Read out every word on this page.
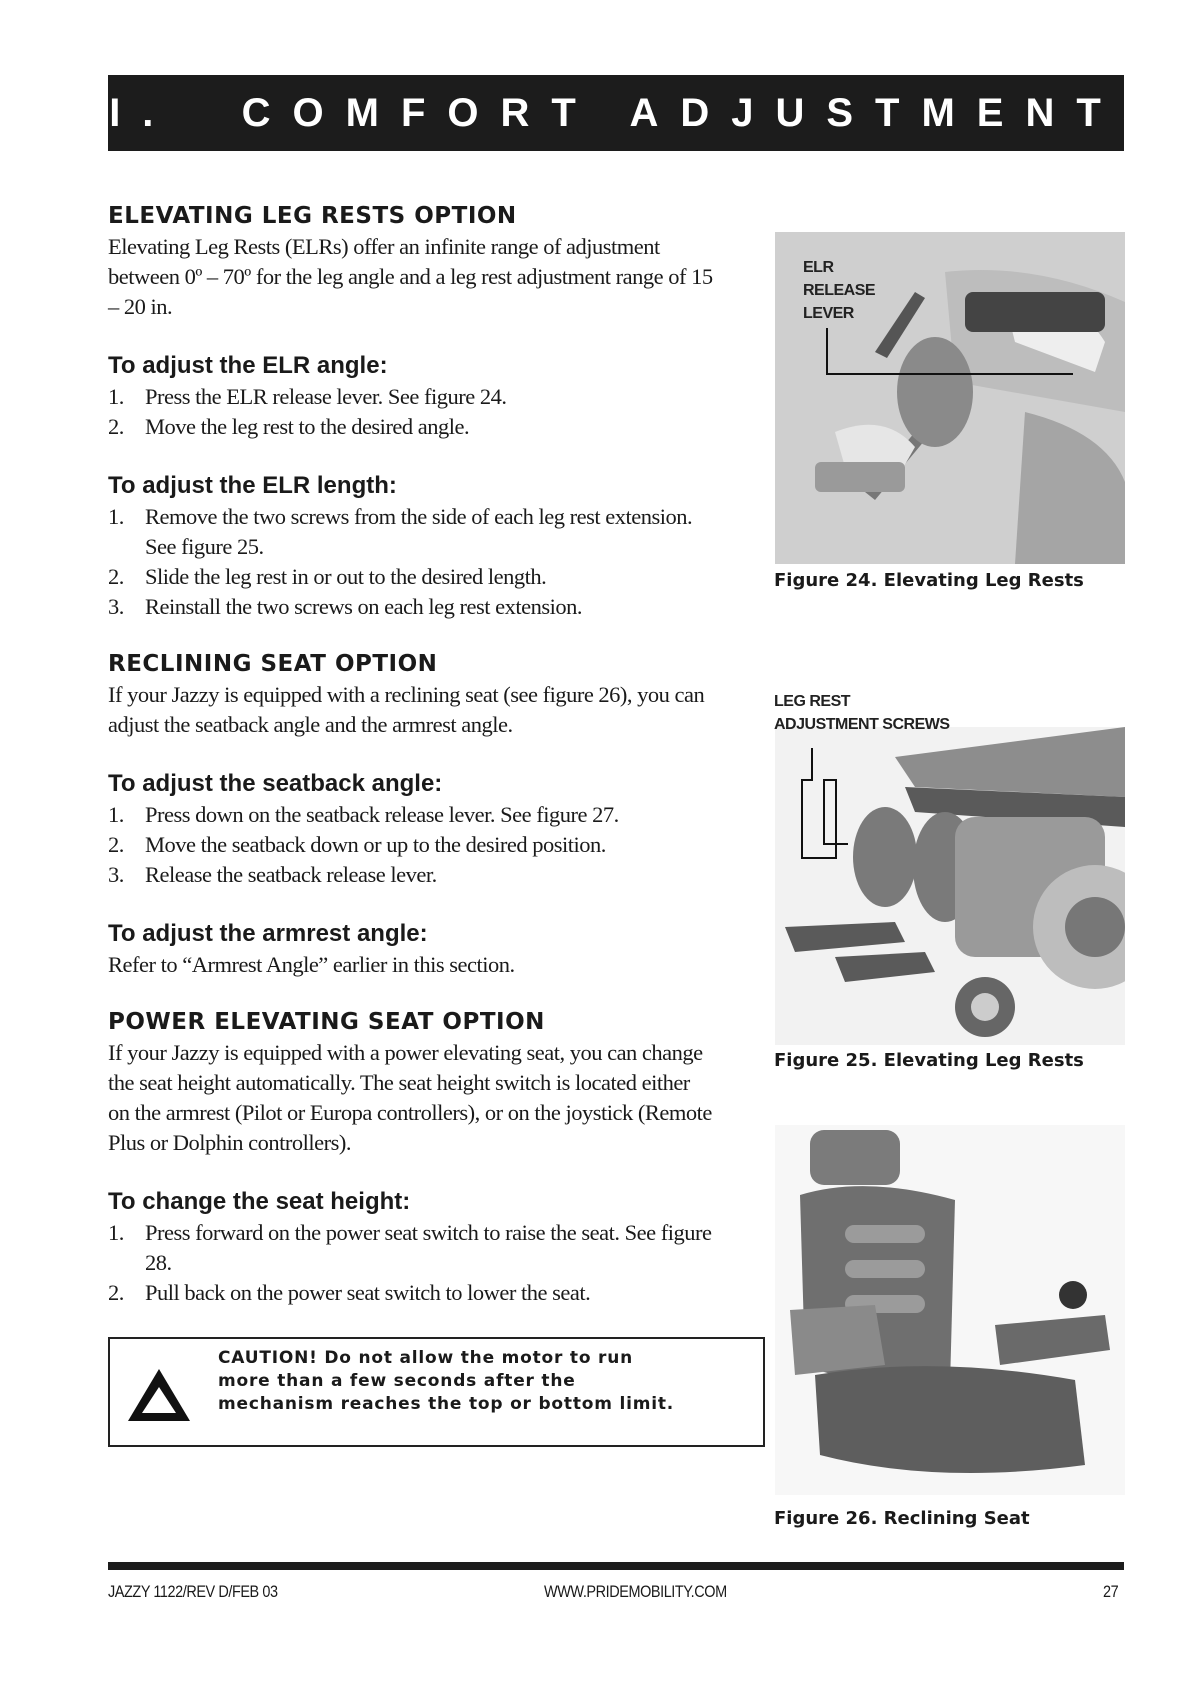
VI.  COMFORT ADJUSTMENTS
ELEVATING LEG RESTS OPTION

Elevating Leg Rests (ELRs) offer an infinite range of adjustment between 0º – 70º for the leg angle and a leg rest adjustment range of 15 – 20 in.

To adjust the ELR angle:
1. Press the ELR release lever. See figure 24.
2. Move the leg rest to the desired angle.
To adjust the ELR length:
1. Remove the two screws from the side of each leg rest extension. See figure 25.
2. Slide the leg rest in or out to the desired length.
3. Reinstall the two screws on each leg rest extension.
RECLINING SEAT OPTION

If your Jazzy is equipped with a reclining seat (see figure 26), you can adjust the seatback angle and the armrest angle.

To adjust the seatback angle:
1. Press down on the seatback release lever. See figure 27.
2. Move the seatback down or up to the desired position.
3. Release the seatback release lever.
To adjust the armrest angle:

Refer to “Armrest Angle” earlier in this section.

POWER ELEVATING SEAT OPTION

If your Jazzy is equipped with a power elevating seat, you can change the seat height automatically. The seat height switch is located either on the armrest (Pilot or Europa controllers), or on the joystick (Remote Plus or Dolphin controllers).

To change the seat height:
1. Press forward on the power seat switch to raise the seat. See figure 28.
2. Pull back on the power seat switch to lower the seat.
CAUTION! Do not allow the motor to run more than a few seconds after the mechanism reaches the top or bottom limit.
ELR
RELEASE
LEVER
Figure 24. Elevating Leg Rests
LEG REST
ADJUSTMENT SCREWS
Figure 25. Elevating Leg Rests
Figure 26. Reclining Seat
JAZZY 1122/REV D/FEB 03	WWW.PRIDEMOBILITY.COM	27
